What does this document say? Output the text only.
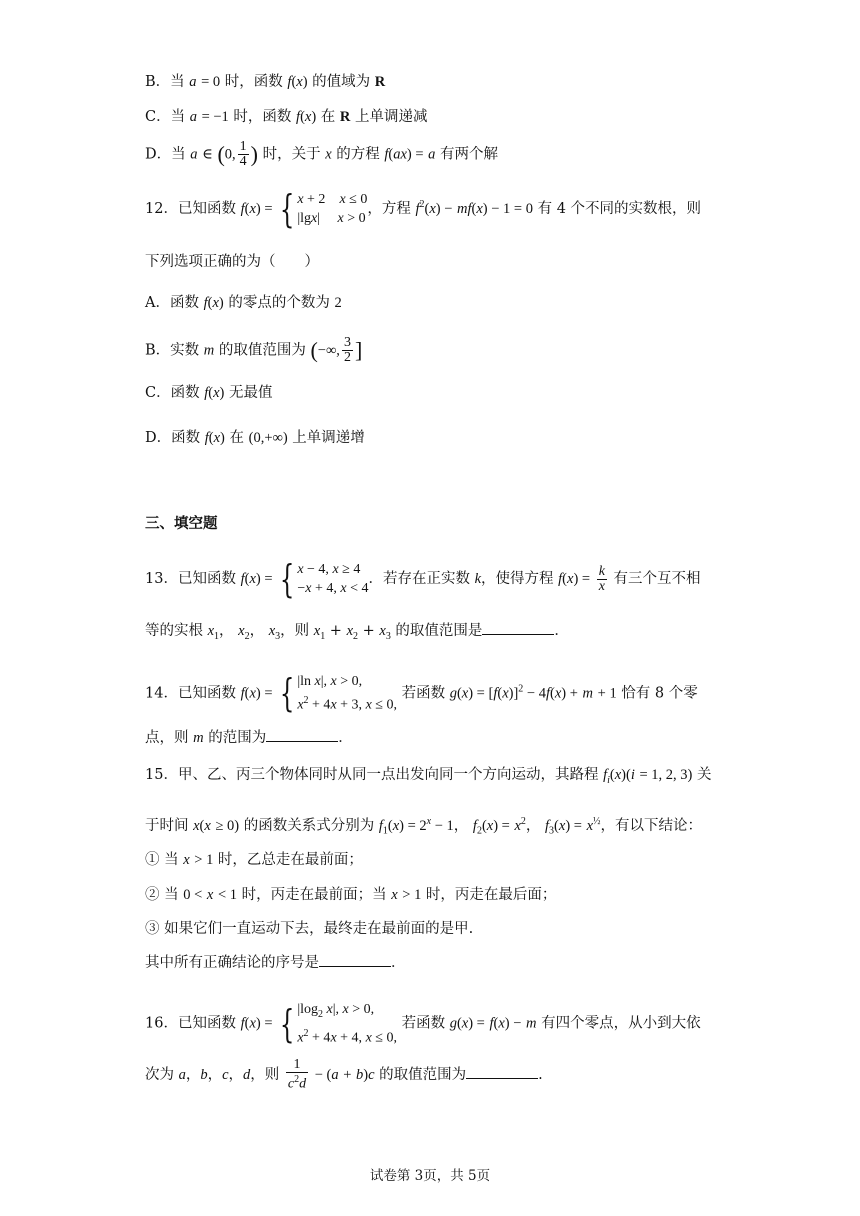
B．当 a = 0 时，函数 f(x) 的值域为 R
C．当 a = −1 时，函数 f(x) 在 R 上单调递减
D．当 a ∈ (0, $\frac{1}{4}$ ) 时，关于 x 的方程 f(ax) = a 有两个解
12．已知函数 f(x) = { x + 2    x ≤ 0
|lgx|     x > 0
，方程 $f^2(x) - mf(x) - 1 = 0$ 有 4 个不同的实数根，则
下列选项正确的为（　　）
A．函数 f(x) 的零点的个数为 2
B．实数 m 的取值范围为 (−∞, $\frac{3}{2}$ ]
C．函数 f(x) 无最值
D．函数 f(x) 在 (0,+∞) 上单调递增
三、填空题
13．已知函数 f(x) = { x − 4, x ≥ 4
−x + 4, x < 4
．若存在正实数 k，使得方程 $f(x) = \frac{k}{x}$ 有三个互不相
等的实根 $x_1$， $x_2$， $x_3$，则 $x_1 + x_2 + x_3$ 的取值范围是	．
14．已知函数 f(x) = { |ln x|, x > 0,
$x^2 + 4x + 3$, x ≤ 0,
若函数 $g(x) = [f(x)]^2 - 4f(x) + m + 1$ 恰有 8 个零
点，则 m 的范围为	．
15．甲、乙、丙三个物体同时从同一点出发向同一个方向运动，其路程 $f_i(x)(i = 1$, 2, 3) 关
于时间 x(x ≥ 0) 的函数关系式分别为 $f_1(x) = 2^x - 1$， $f_2(x) = x^2$， $f_3(x) = x^{\frac{1}{2}}$，有以下结论：
① 当 x > 1 时，乙总走在最前面；
② 当 0 < x < 1 时，丙走在最前面；当 x > 1 时，丙走在最后面；
③ 如果它们一直运动下去，最终走在最前面的是甲.
其中所有正确结论的序号是	．
16．已知函数 f(x) = { $|\log_2$ x|, x > 0,
$x^2 + 4x + 4$, x ≤ 0,
若函数 g(x) = f(x) − m 有四个零点，从小到大依
次为 a，b，c，d，则 $\frac{1}{c^2d} - (a + b)c$ 的取值范围为	.
试卷第 3页，共 5页
